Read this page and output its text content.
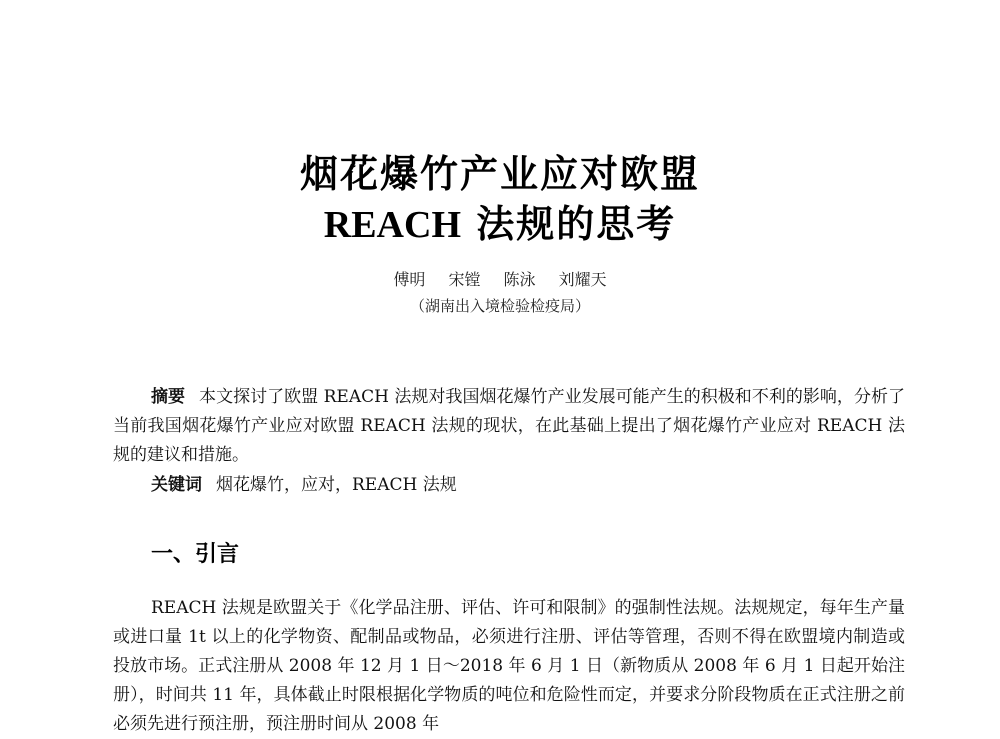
烟花爆竹产业应对欧盟
REACH 法规的思考
傅明 宋镗 陈泳 刘耀天
（湖南出入境检验检疫局）
摘要 本文探讨了欧盟 REACH 法规对我国烟花爆竹产业发展可能产生的积极和不利的影响，分析了当前我国烟花爆竹产业应对欧盟 REACH 法规的现状，在此基础上提出了烟花爆竹产业应对 REACH 法规的建议和措施。
关键词 烟花爆竹，应对，REACH 法规
一、引言
REACH 法规是欧盟关于《化学品注册、评估、许可和限制》的强制性法规。法规规定，每年生产量或进口量 1t 以上的化学物资、配制品或物品，必须进行注册、评估等管理，否则不得在欧盟境内制造或投放市场。正式注册从 2008 年 12 月 1 日～2018 年 6 月 1 日（新物质从 2008 年 6 月 1 日起开始注册），时间共 11 年，具体截止时限根据化学物质的吨位和危险性而定，并要求分阶段物质在正式注册之前必须先进行预注册，预注册时间从 2008 年
